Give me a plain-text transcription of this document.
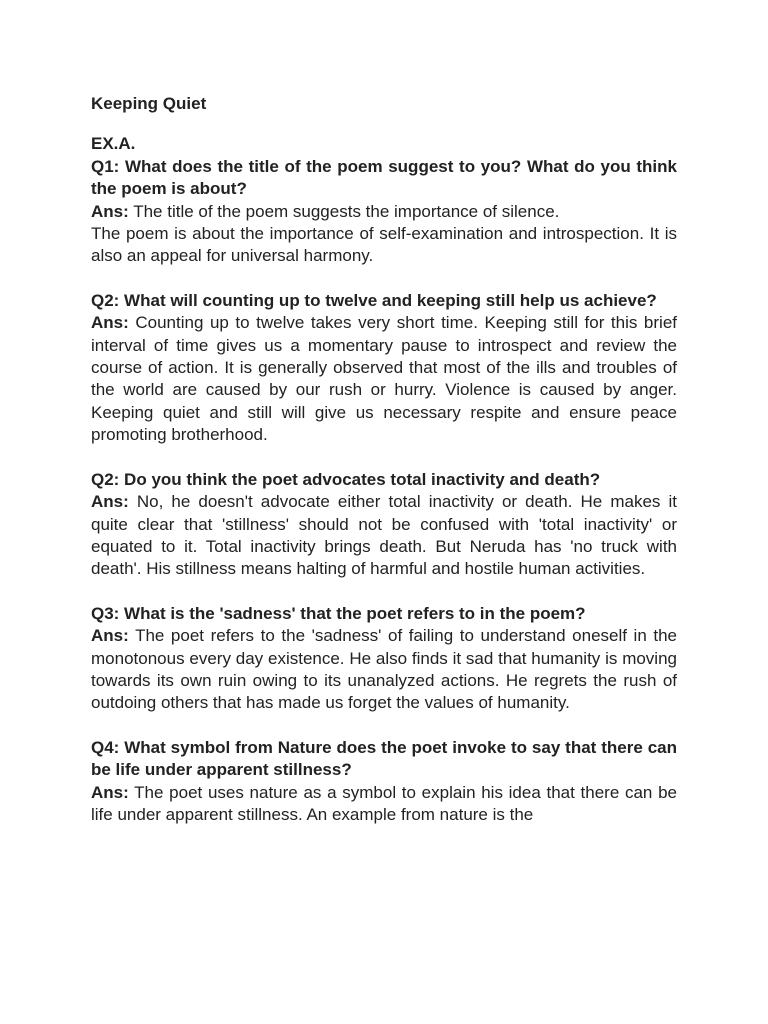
Keeping Quiet

EX.A.

Q1: What does the title of the poem suggest to you? What do you think the poem is about?

Ans: The title of the poem suggests the importance of silence.

The poem is about the importance of self-examination and introspection. It is also an appeal for universal harmony.

Q2: What will counting up to twelve and keeping still help us achieve?

Ans: Counting up to twelve takes very short time. Keeping still for this brief interval of time gives us a momentary pause to introspect and review the course of action. It is generally observed that most of the ills and troubles of the world are caused by our rush or hurry. Violence is caused by anger. Keeping quiet and still will give us necessary respite and ensure peace promoting brotherhood.

Q2: Do you think the poet advocates total inactivity and death?

Ans: No, he doesn't advocate either total inactivity or death. He makes it quite clear that 'stillness' should not be confused with 'total inactivity' or equated to it. Total inactivity brings death. But Neruda has 'no truck with death'. His stillness means halting of harmful and hostile human activities.

Q3: What is the 'sadness' that the poet refers to in the poem?

Ans: The poet refers to the 'sadness' of failing to understand oneself in the monotonous every day existence. He also finds it sad that humanity is moving towards its own ruin owing to its unanalyzed actions. He regrets the rush of outdoing others that has made us forget the values of humanity.

Q4: What symbol from Nature does the poet invoke to say that there can be life under apparent stillness?

Ans: The poet uses nature as a symbol to explain his idea that there can be life under apparent stillness. An example from nature is the
